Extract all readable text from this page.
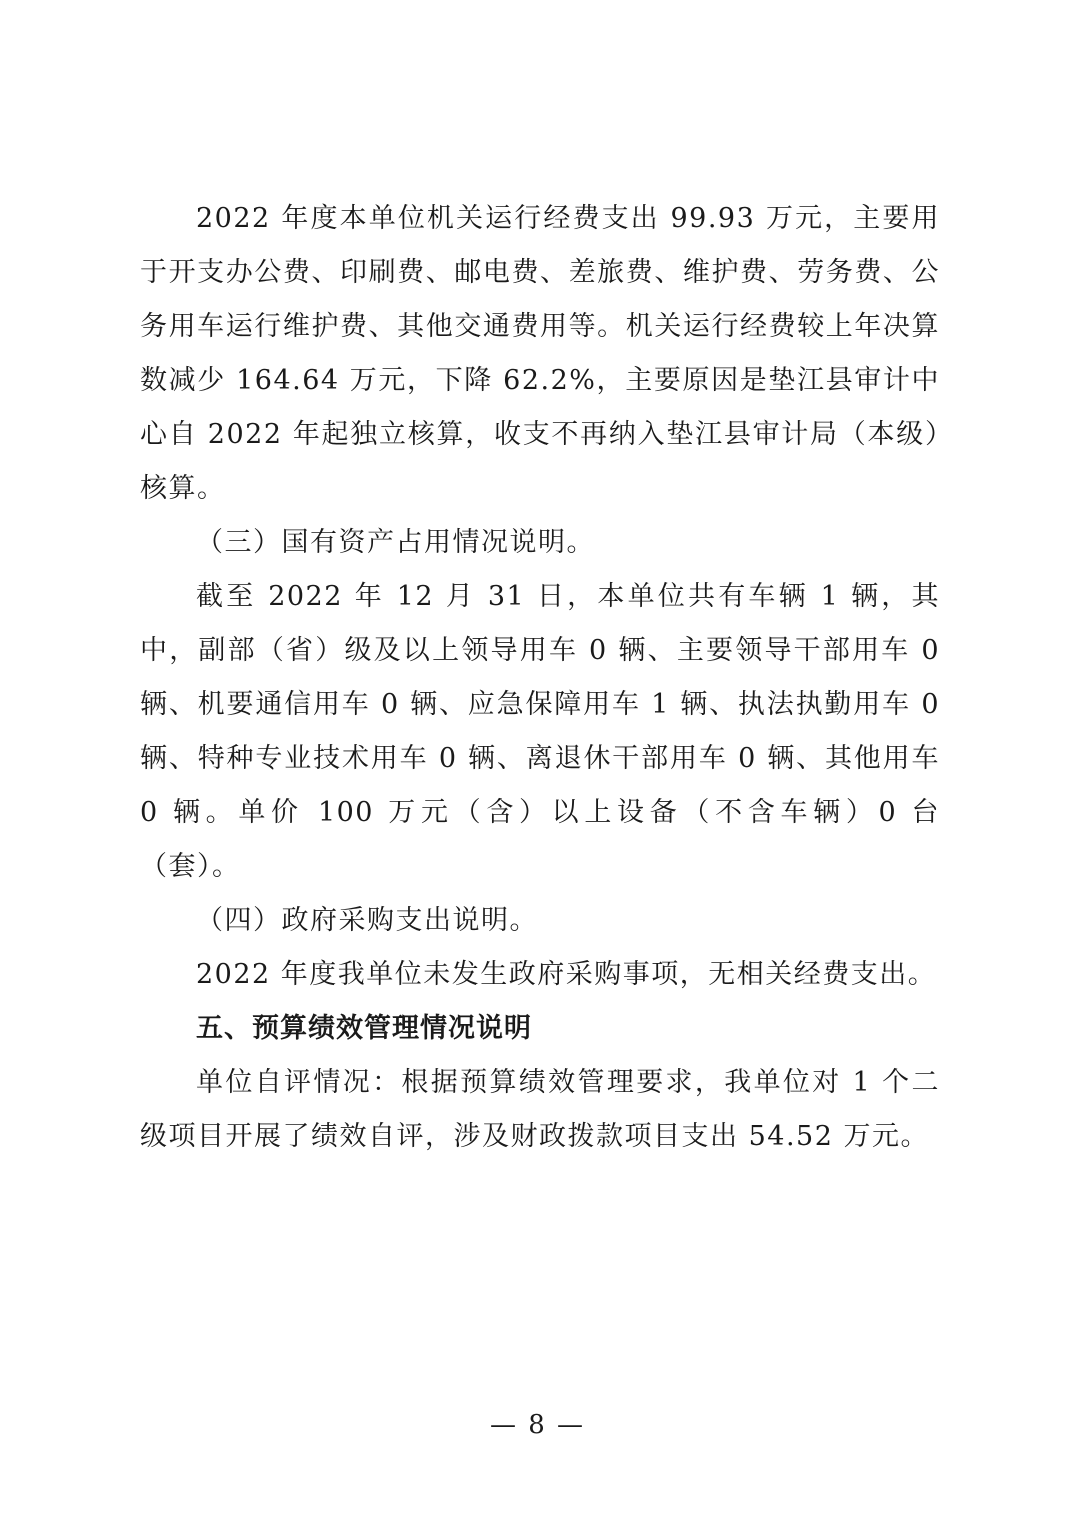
2022 年度本单位机关运行经费支出 99.93 万元，主要用于开支办公费、印刷费、邮电费、差旅费、维护费、劳务费、公务用车运行维护费、其他交通费用等。机关运行经费较上年决算数减少 164.64 万元，下降 62.2%，主要原因是垫江县审计中心自 2022 年起独立核算，收支不再纳入垫江县审计局（本级）核算。

（三）国有资产占用情况说明。

截至 2022 年 12 月 31 日，本单位共有车辆 1 辆，其中，副部（省）级及以上领导用车 0 辆、主要领导干部用车 0 辆、机要通信用车 0 辆、应急保障用车 1 辆、执法执勤用车 0 辆、特种专业技术用车 0 辆、离退休干部用车 0 辆、其他用车 0 辆。单价 100 万元（含）以上设备（不含车辆）0 台（套）。

（四）政府采购支出说明。

2022 年度我单位未发生政府采购事项，无相关经费支出。

五、预算绩效管理情况说明

单位自评情况：根据预算绩效管理要求，我单位对 1 个二级项目开展了绩效自评，涉及财政拨款项目支出 54.52 万元。

— 8 —
